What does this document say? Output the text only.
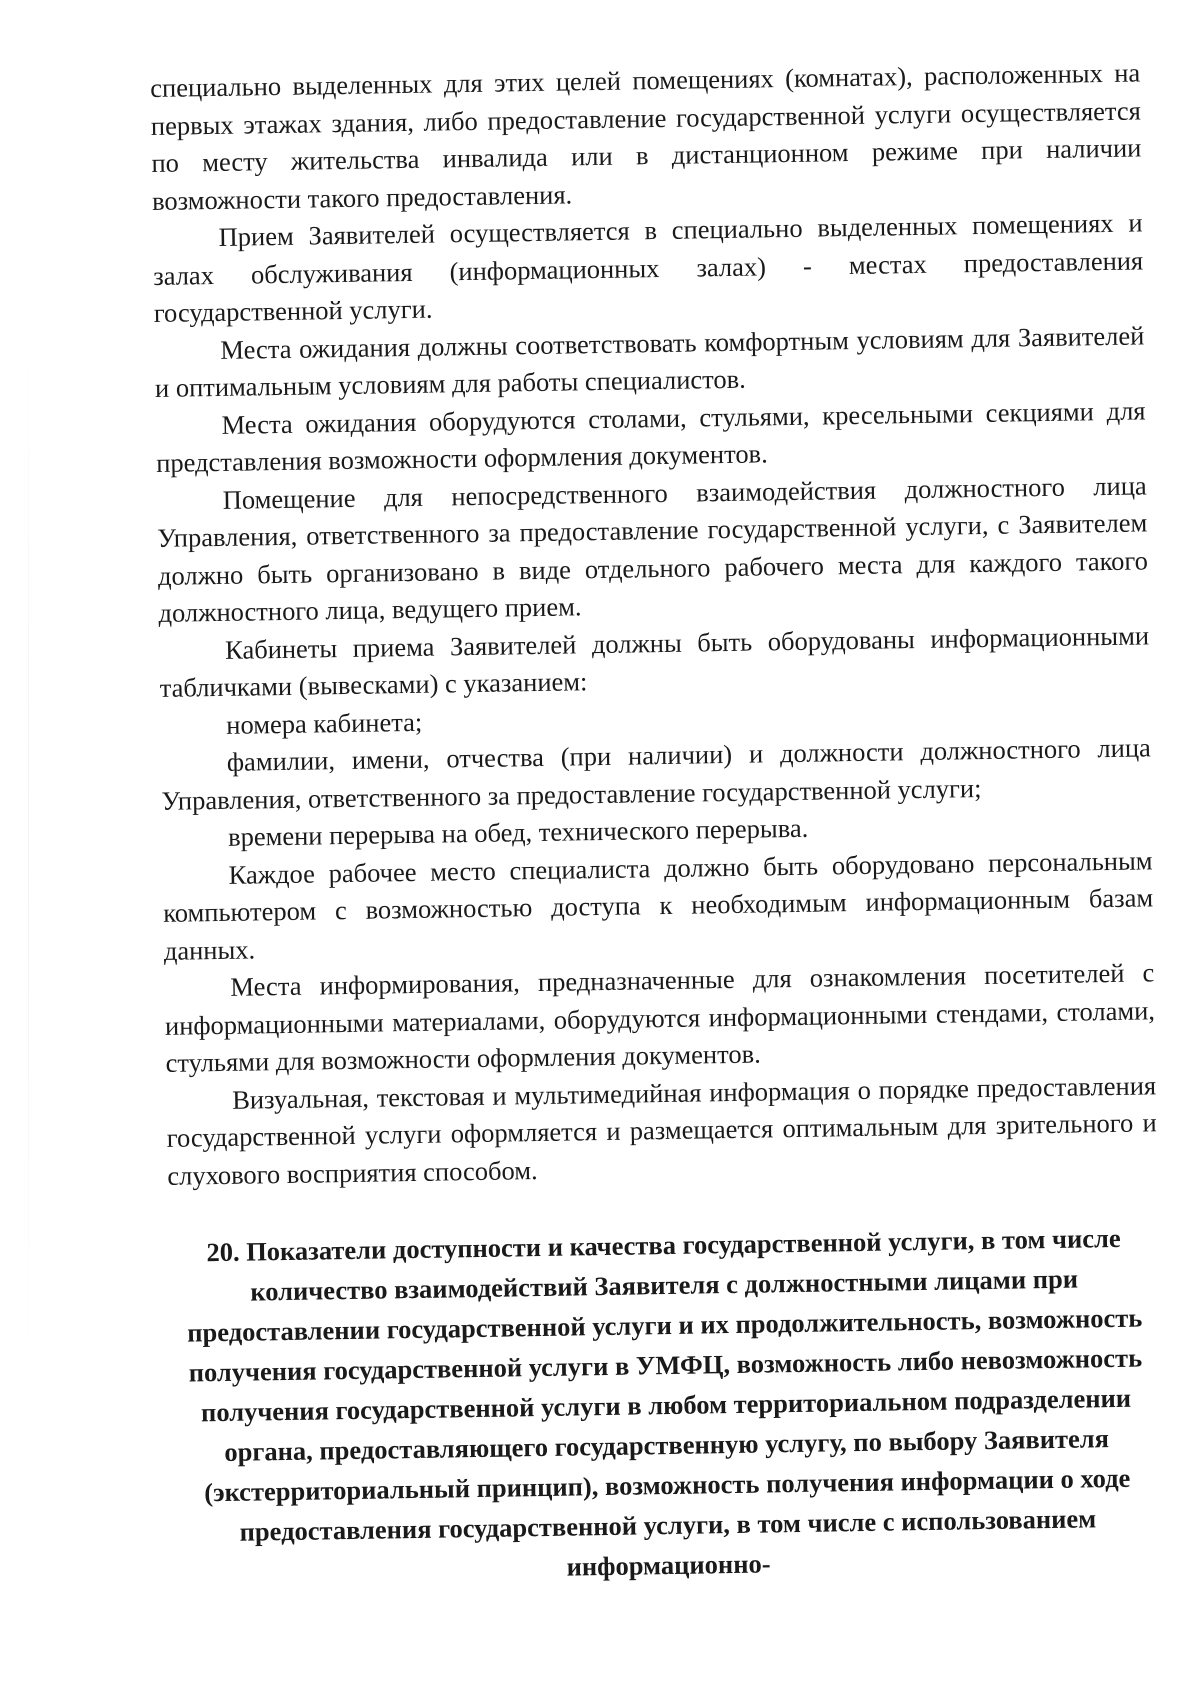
специально выделенных для этих целей помещениях (комнатах), расположенных на первых этажах здания, либо предоставление государственной услуги осуществляется по месту жительства инвалида или в дистанционном режиме при наличии возможности такого предоставления.

Прием Заявителей осуществляется в специально выделенных помещениях и залах обслуживания (информационных залах) - местах предоставления государственной услуги.

Места ожидания должны соответствовать комфортным условиям для Заявителей и оптимальным условиям для работы специалистов.

Места ожидания оборудуются столами, стульями, кресельными секциями для представления возможности оформления документов.

Помещение для непосредственного взаимодействия должностного лица Управления, ответственного за предоставление государственной услуги, с Заявителем должно быть организовано в виде отдельного рабочего места для каждого такого должностного лица, ведущего прием.

Кабинеты приема Заявителей должны быть оборудованы информационными табличками (вывесками) с указанием:

номера кабинета;

фамилии, имени, отчества (при наличии) и должности должностного лица Управления, ответственного за предоставление государственной услуги;

времени перерыва на обед, технического перерыва.

Каждое рабочее место специалиста должно быть оборудовано персональным компьютером с возможностью доступа к необходимым информационным базам данных.

Места информирования, предназначенные для ознакомления посетителей с информационными материалами, оборудуются информационными стендами, столами, стульями для возможности оформления документов.

Визуальная, текстовая и мультимедийная информация о порядке предоставления государственной услуги оформляется и размещается оптимальным для зрительного и слухового восприятия способом.

20. Показатели доступности и качества государственной услуги, в том числе количество взаимодействий Заявителя с должностными лицами при предоставлении государственной услуги и их продолжительность, возможность получения государственной услуги в УМФЦ, возможность либо невозможность получения государственной услуги в любом территориальном подразделении органа, предоставляющего государственную услугу, по выбору Заявителя (экстерриториальный принцип), возможность получения информации о ходе предоставления государственной услуги, в том числе с использованием информационно-
